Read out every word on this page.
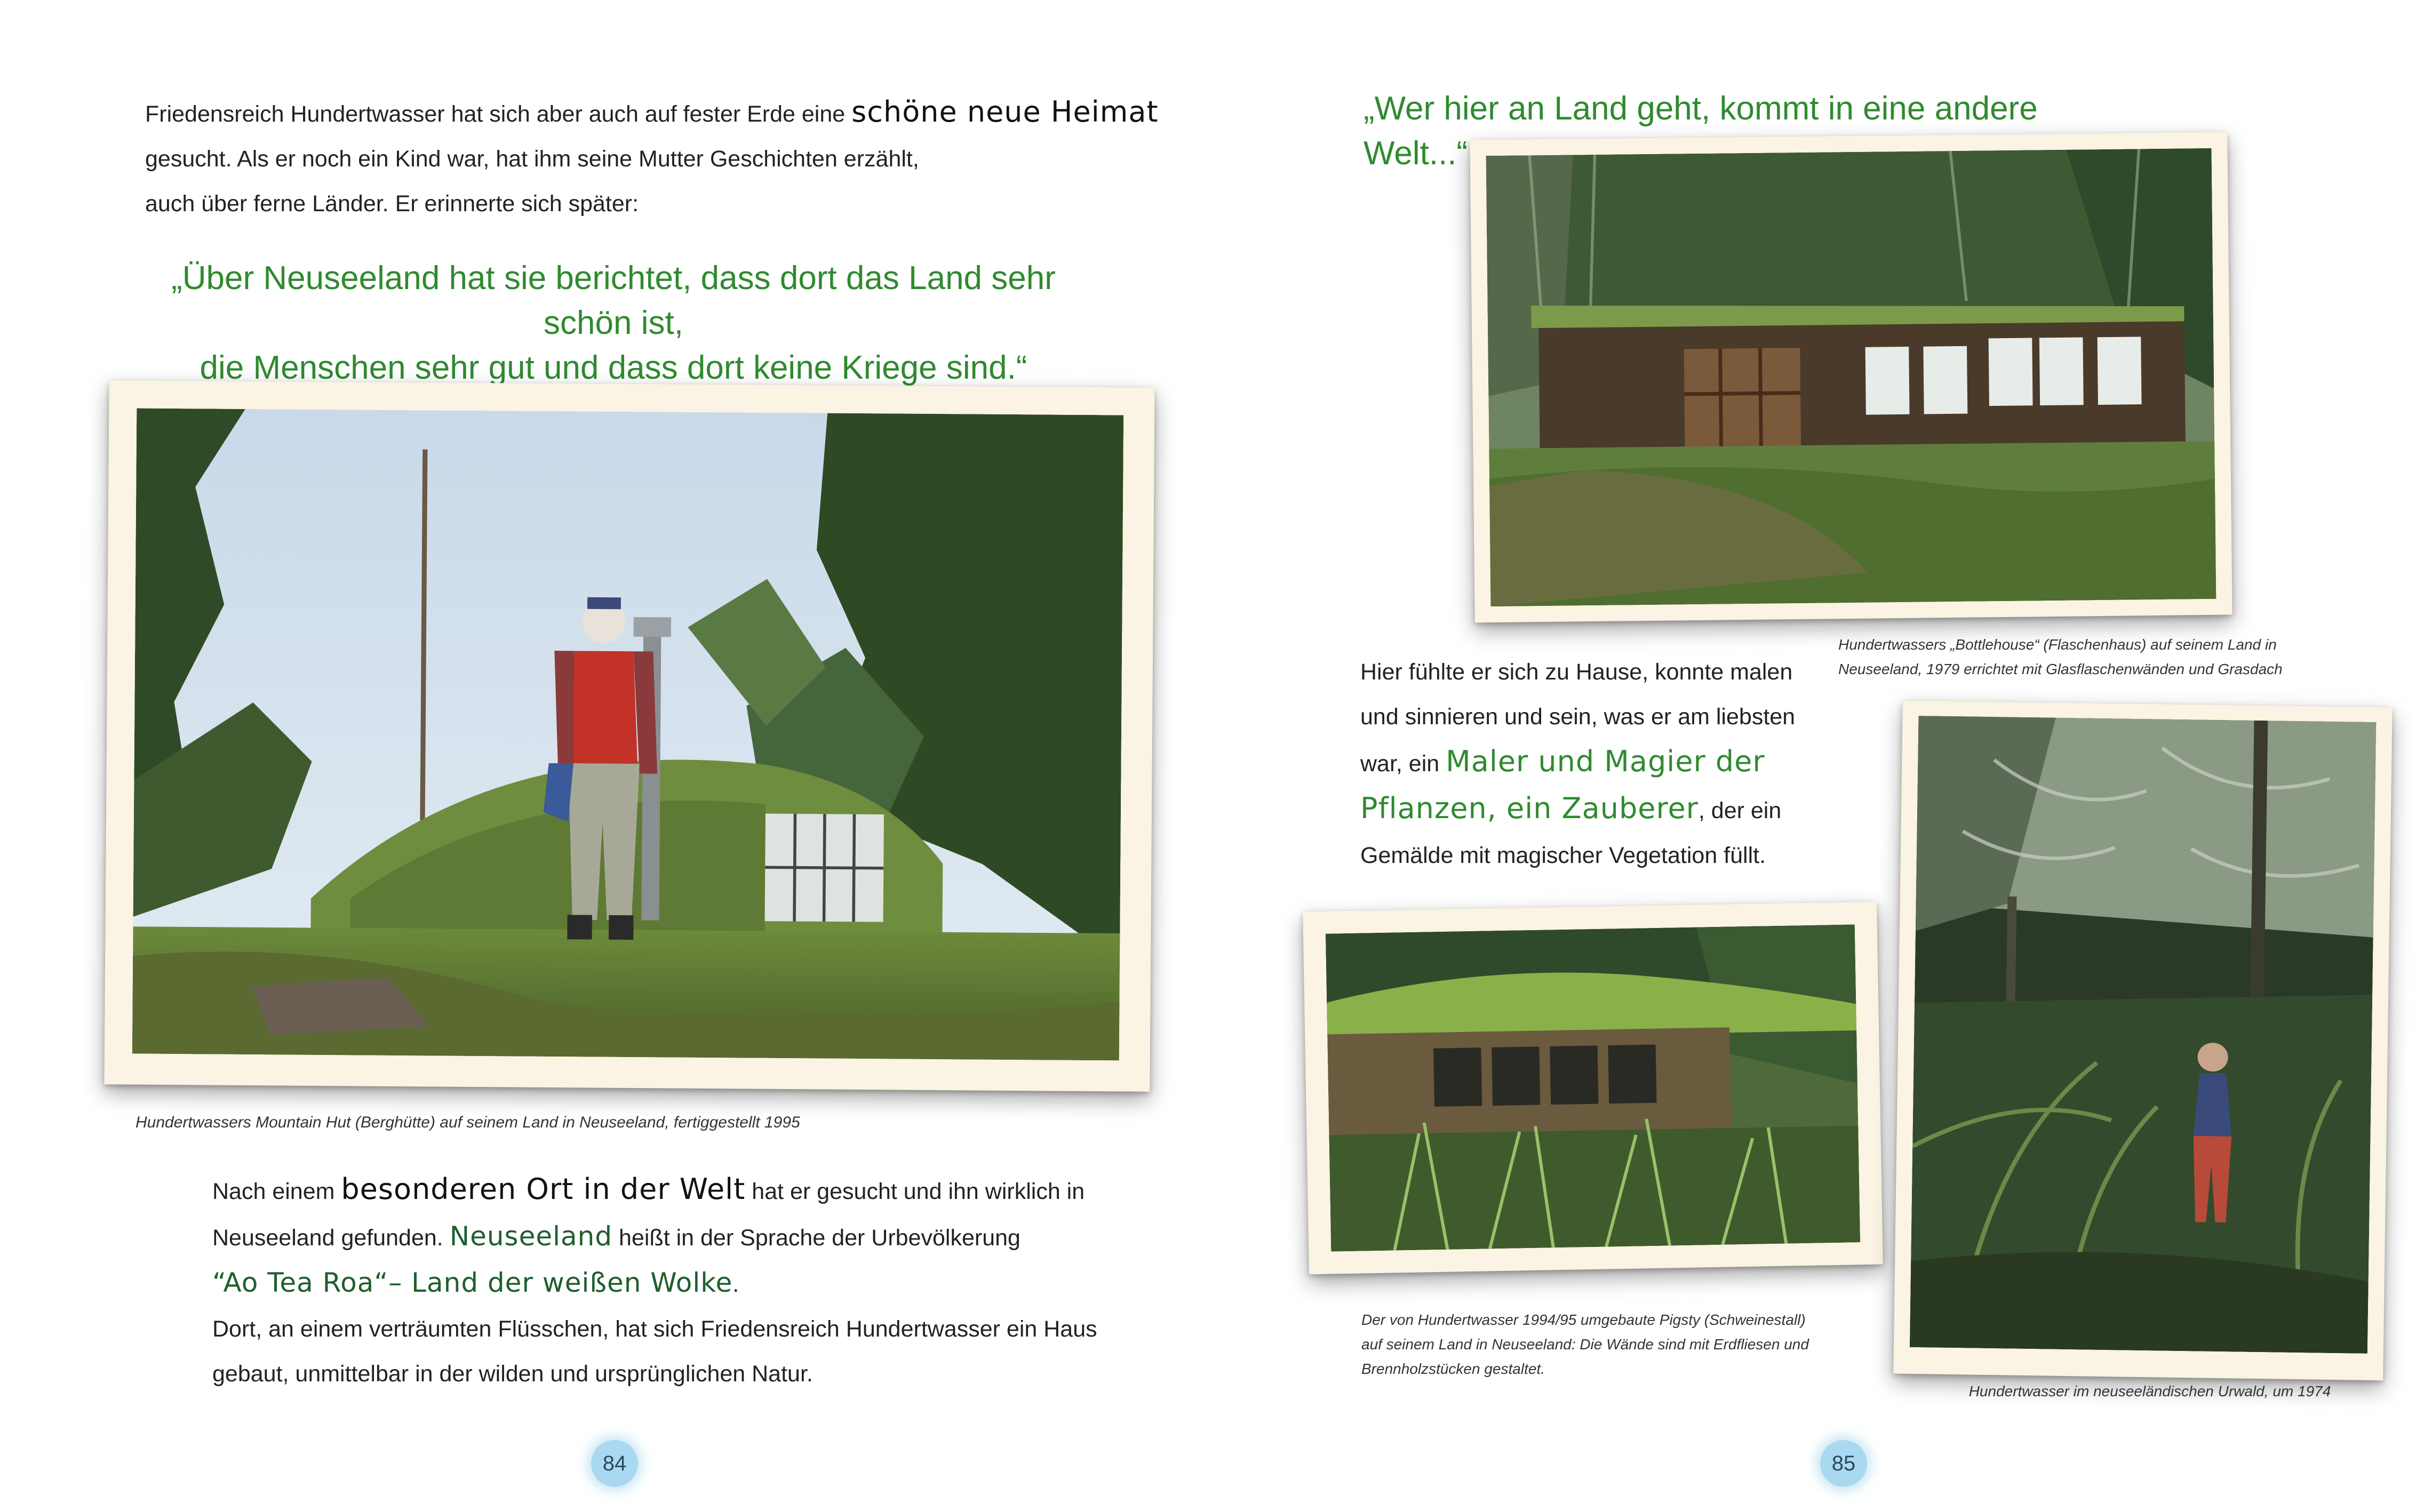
Friedensreich Hundertwasser hat sich aber auch auf fester Erde eine schöne neue Heimat
gesucht. Als er noch ein Kind war, hat ihm seine Mutter Geschichten erzählt,
auch über ferne Länder. Er erinnerte sich später:
„Über Neuseeland hat sie berichtet, dass dort das Land sehr schön ist,
die Menschen sehr gut und dass dort keine Kriege sind.“
Hundertwassers Mountain Hut (Berghütte) auf seinem Land in Neuseeland, fertiggestellt 1995
Nach einem besonderen Ort in der Welt hat er gesucht und ihn wirklich in
Neuseeland gefunden. Neuseeland heißt in der Sprache der Urbevölkerung
“Ao Tea Roa“– Land der weißen Wolke.
Dort, an einem verträumten Flüsschen, hat sich Friedensreich Hundertwasser ein Haus
gebaut, unmittelbar in der wilden und ursprünglichen Natur.
84
„Wer hier an Land geht, kommt in eine andere Welt...“
Hundertwassers „Bottlehouse“ (Flaschenhaus) auf seinem Land in
Neuseeland, 1979 errichtet mit Glasflaschenwänden und Grasdach
Hier fühlte er sich zu Hause, konnte malen
und sinnieren und sein, was er am liebsten
war, ein Maler und Magier der
Pflanzen, ein Zauberer, der ein
Gemälde mit magischer Vegetation füllt.
Der von Hundertwasser 1994/95 umgebaute Pigsty (Schweinestall)
auf seinem Land in Neuseeland: Die Wände sind mit Erdfliesen und
Brennholzstücken gestaltet.
Hundertwasser im neuseeländischen Urwald, um 1974
85
